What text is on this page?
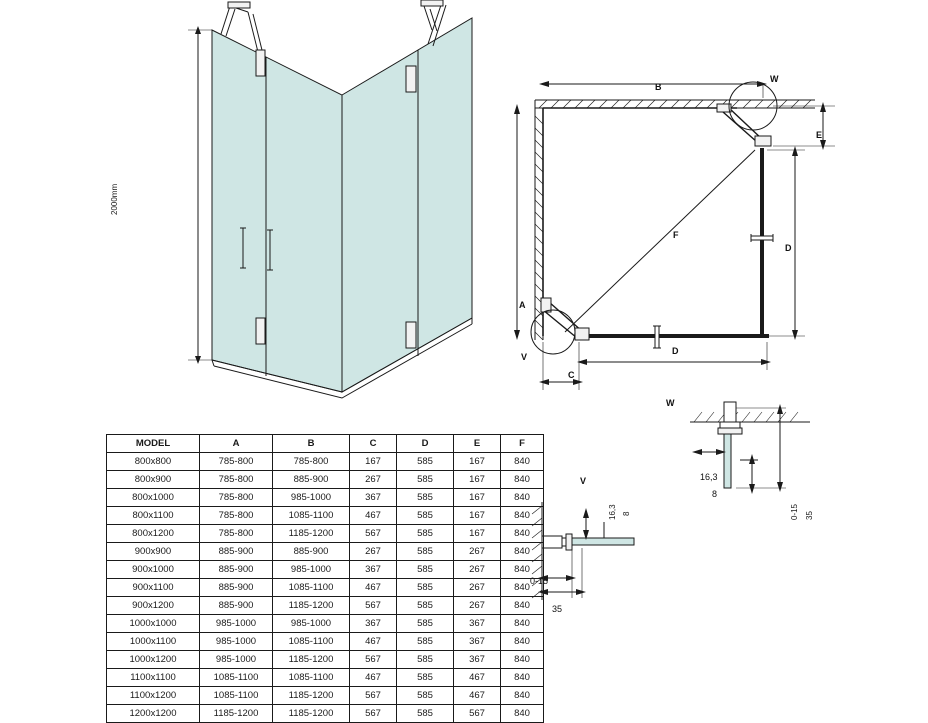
2000mm
A
B
C
D
D
E
F
W
V
W
16,3
8
0-15 35
V
16,3 8
0-15
35
MODEL	A	B	C	D	E	F
800x800	785-800	785-800	167	585	167	840
800x900	785-800	885-900	267	585	167	840
800x1000	785-800	985-1000	367	585	167	840
800x1100	785-800	1085-1100	467	585	167	840
800x1200	785-800	1185-1200	567	585	167	840
900x900	885-900	885-900	267	585	267	840
900x1000	885-900	985-1000	367	585	267	840
900x1100	885-900	1085-1100	467	585	267	840
900x1200	885-900	1185-1200	567	585	267	840
1000x1000	985-1000	985-1000	367	585	367	840
1000x1100	985-1000	1085-1100	467	585	367	840
1000x1200	985-1000	1185-1200	567	585	367	840
1100x1100	1085-1100	1085-1100	467	585	467	840
1100x1200	1085-1100	1185-1200	567	585	467	840
1200x1200	1185-1200	1185-1200	567	585	567	840
